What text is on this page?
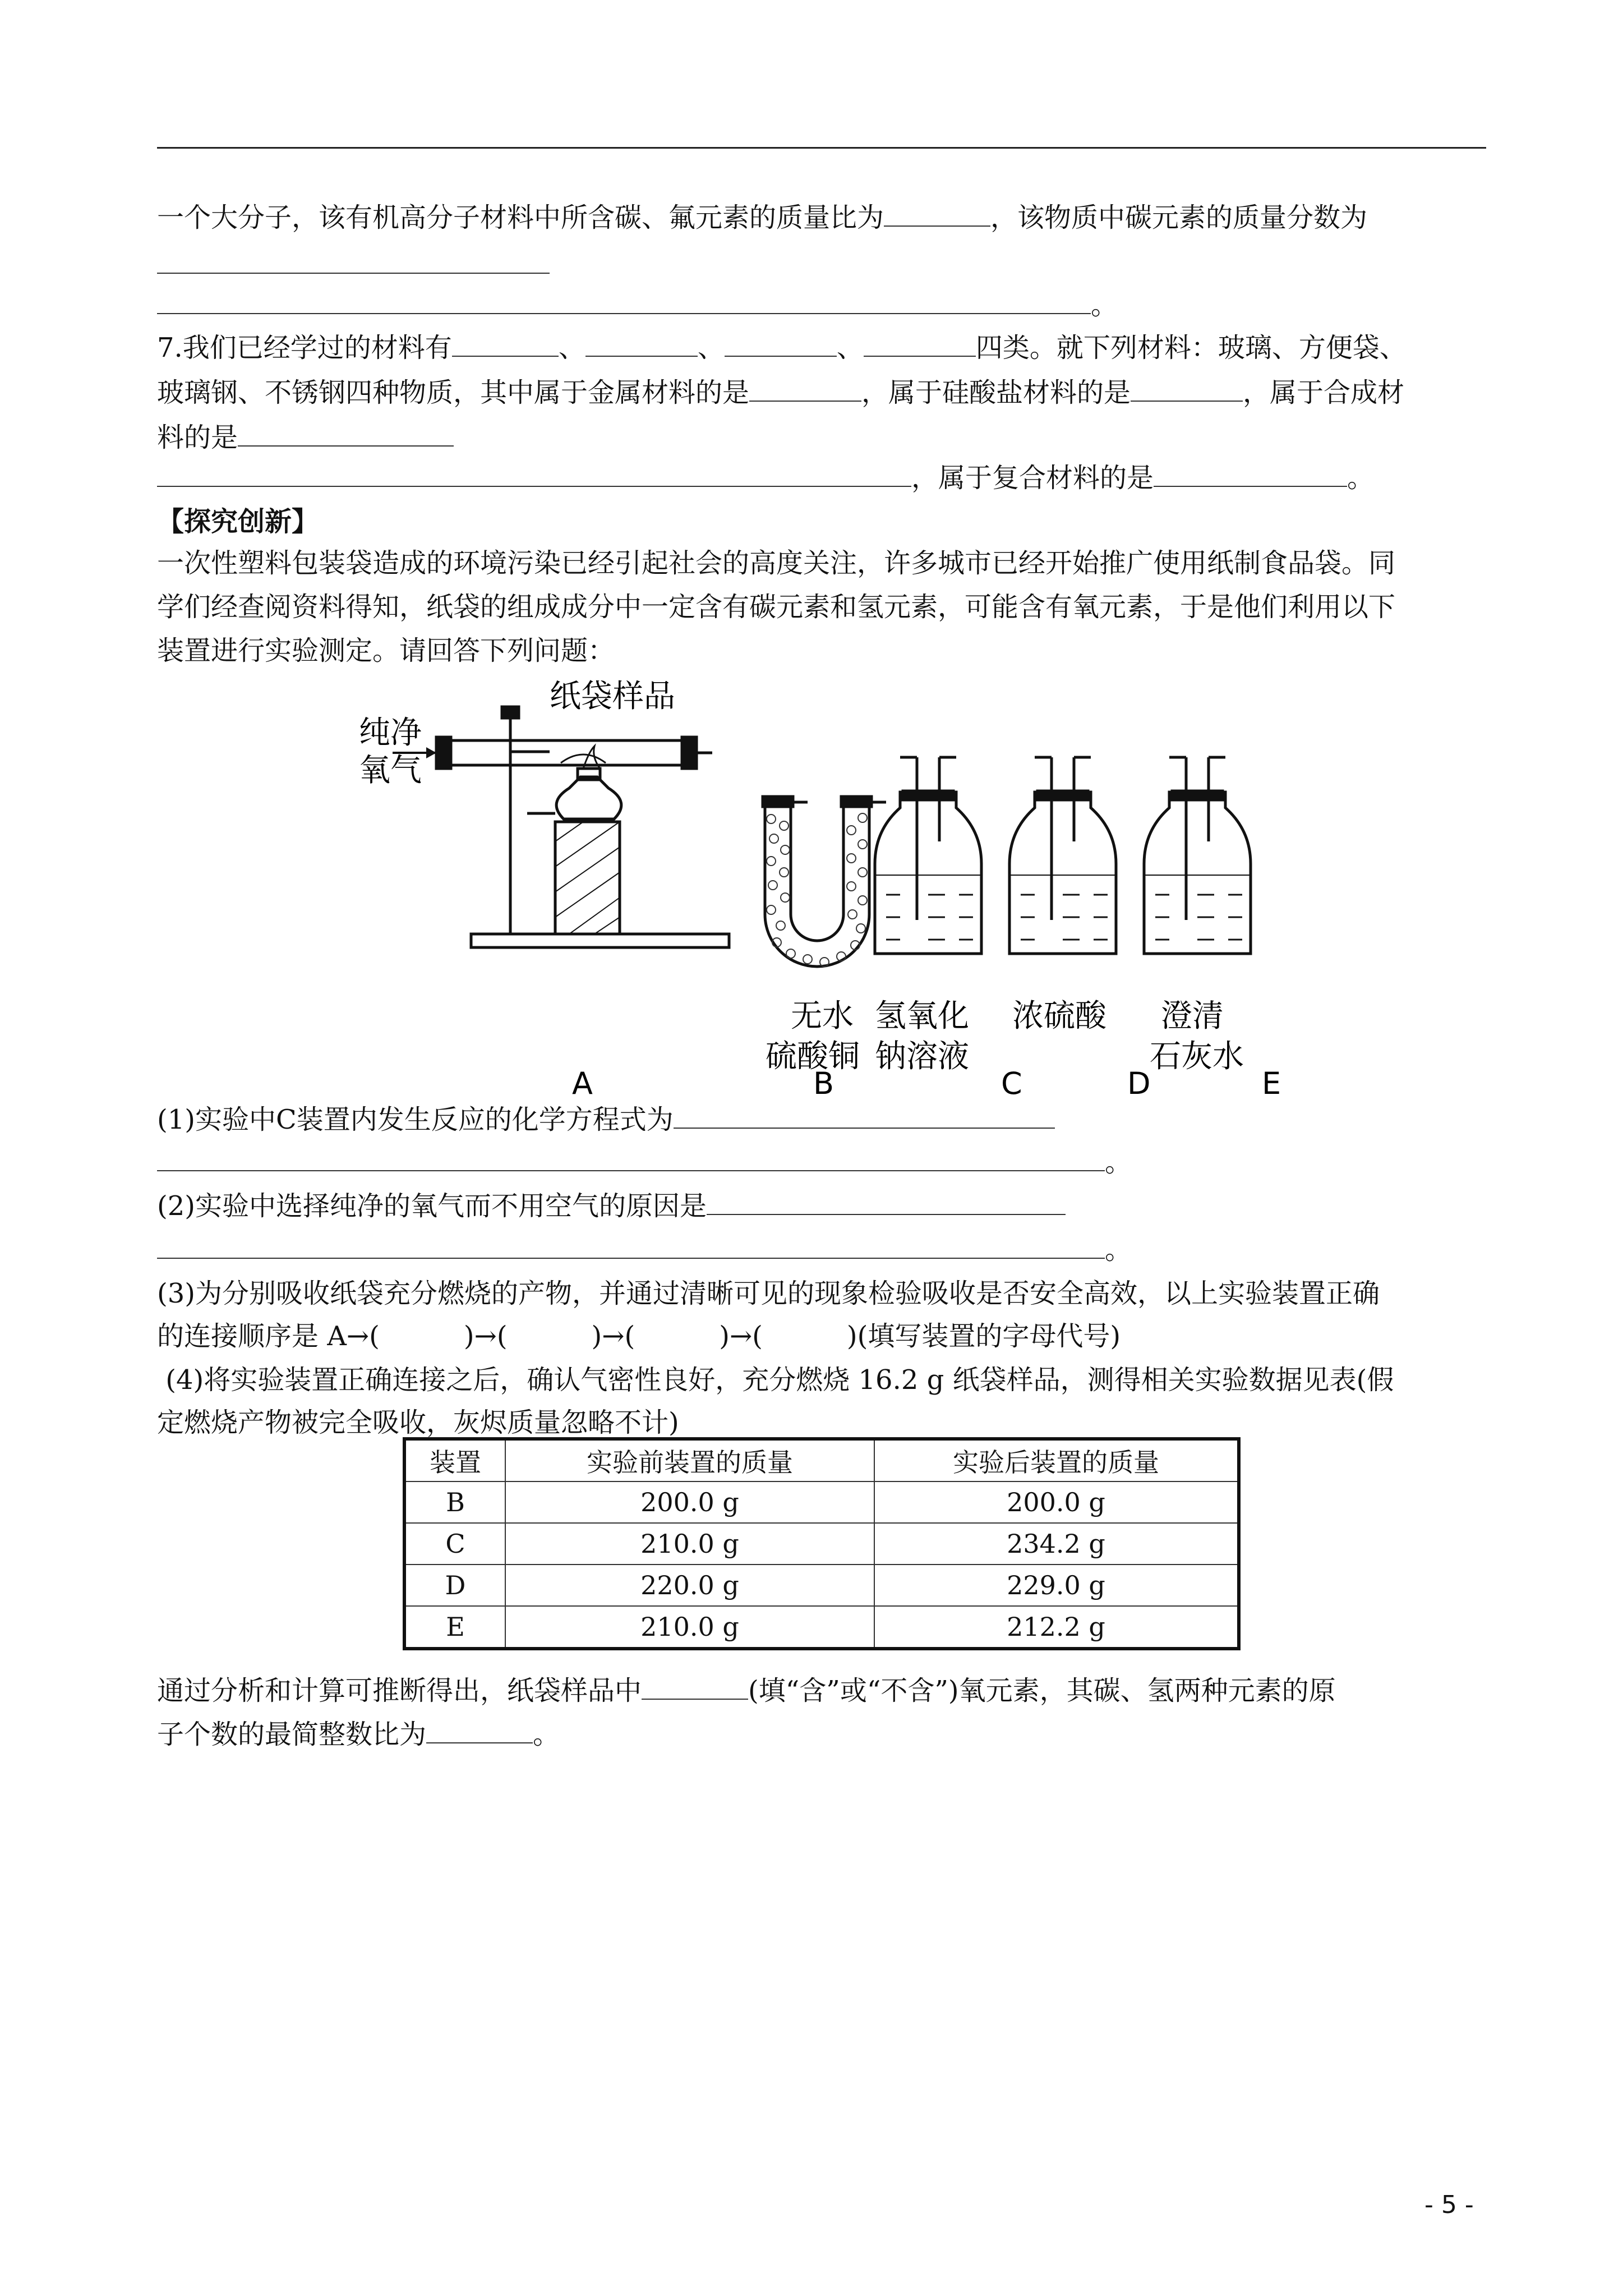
一个大分子，该有机高分子材料中所含碳、氟元素的质量比为	，该物质中碳元素的质量分数为
。
7.我们已经学过的材料有	、	、	、	四类。就下列材料：玻璃、方便袋、
玻璃钢、不锈钢四种物质，其中属于金属材料的是	，属于硅酸盐材料的是	，属于合成材
料的是
，属于复合材料的是	。
【探究创新】
一次性塑料包装袋造成的环境污染已经引起社会的高度关注，许多城市已经开始推广使用纸制食品袋。同
学们经查阅资料得知，纸袋的组成成分中一定含有碳元素和氢元素，可能含有氧元素，于是他们利用以下
装置进行实验测定。请回答下列问题：
纯净
氧气
纸袋样品
无水
硫酸铜
氢氧化
钠溶液
浓硫酸 澄清
石灰水
A	B	C	D	E
(1)实验中C装置内发生反应的化学方程式为
。
(2)实验中选择纯净的氧气而不用空气的原因是
。
(3)为分别吸收纸袋充分燃烧的产物，并通过清晰可见的现象检验吸收是否安全高效，以上实验装置正确
的连接顺序是 A→(	)→(	)→(	)→(	)(填写装置的字母代号)
(4)将实验装置正确连接之后，确认气密性良好，充分燃烧 16.2 g 纸袋样品，测得相关实验数据见表(假
定燃烧产物被完全吸收，灰烬质量忽略不计)
装置	实验前装置的质量	实验后装置的质量
B	200.0 g	200.0 g
C	210.0 g	234.2 g
D	220.0 g	229.0 g
E	210.0 g	212.2 g
通过分析和计算可推断得出，纸袋样品中	(填“含”或“不含”)氧元素，其碳、氢两种元素的原
子个数的最简整数比为	。
- 5 -
